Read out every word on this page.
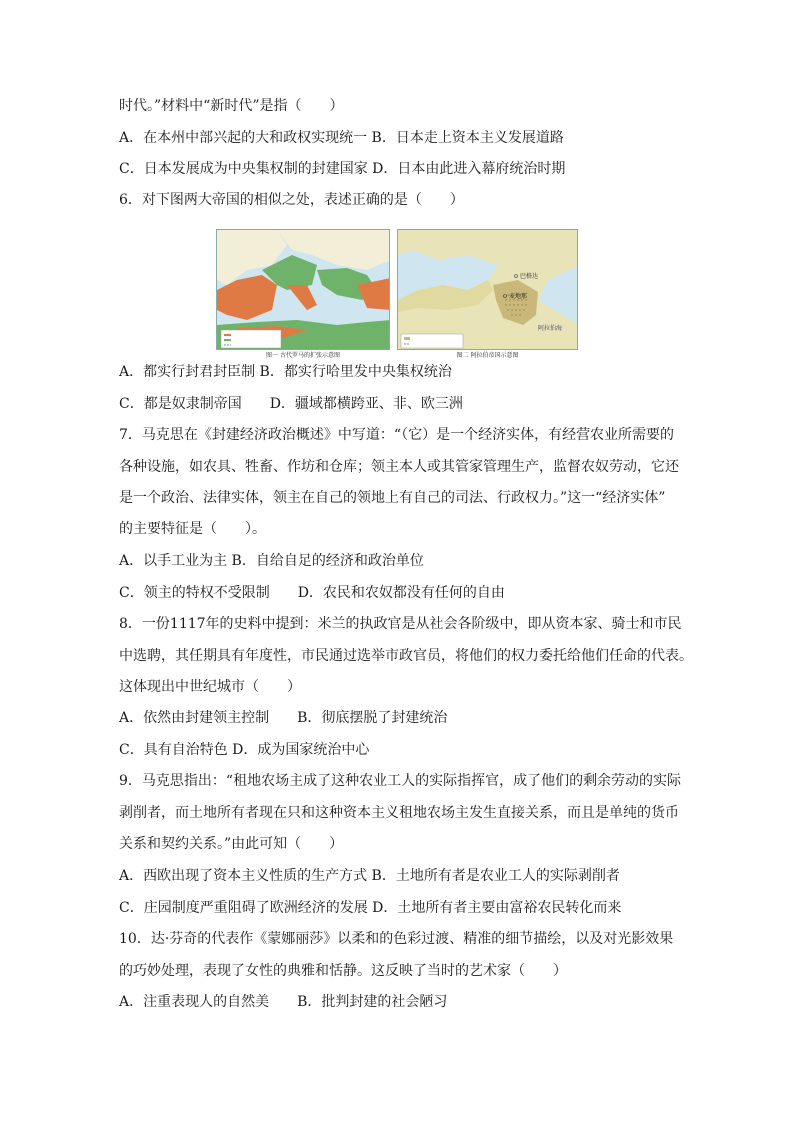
时代。”材料中“新时代”是指（　　）
A．在本州中部兴起的大和政权实现统一 B．日本走上资本主义发展道路
C．日本发展成为中央集权制的封建国家 D．日本由此进入幕府统治时期
6．对下图两大帝国的相似之处，表述正确的是（　　）
A．都实行封君封臣制 B．都实行哈里发中央集权统治
C．都是奴隶制帝国　　D．疆域都横跨亚、非、欧三洲
7．马克思在《封建经济政治概述》中写道：“（它）是一个经济实体，有经营农业所需要的
各种设施，如农具、牲畜、作坊和仓库；领主本人或其管家管理生产，监督农奴劳动，它还
是一个政治、法律实体，领主在自己的领地上有自己的司法、行政权力。”这一“经济实体”
的主要特征是（　　）。
A．以手工业为主 B．自给自足的经济和政治单位
C．领主的特权不受限制　　D．农民和农奴都没有任何的自由
8．一份1117年的史料中提到：米兰的执政官是从社会各阶级中，即从资本家、骑士和市民
中选聘，其任期具有年度性，市民通过选举市政官员，将他们的权力委托给他们任命的代表。
这体现出中世纪城市（　　）
A．依然由封建领主控制　　B．彻底摆脱了封建统治
C．具有自治特色 D．成为国家统治中心
9．马克思指出：“租地农场主成了这种农业工人的实际指挥官，成了他们的剩余劳动的实际
剥削者，而土地所有者现在只和这种资本主义租地农场主发生直接关系，而且是单纯的货币
关系和契约关系。”由此可知（　　）
A．西欧出现了资本主义性质的生产方式 B．土地所有者是农业工人的实际剥削者
C．庄园制度严重阻碍了欧洲经济的发展 D．土地所有者主要由富裕农民转化而来
10．达·芬奇的代表作《蒙娜丽莎》以柔和的色彩过渡、精准的细节描绘，以及对光影效果
的巧妙处理，表现了女性的典雅和恬静。这反映了当时的艺术家（　　）
A．注重表现人的自然美　　B．批判封建的社会陋习
图一 古代罗马的扩张示意图
巴格达
麦地那
阿拉伯海
图二 阿拉伯帝国示意图
